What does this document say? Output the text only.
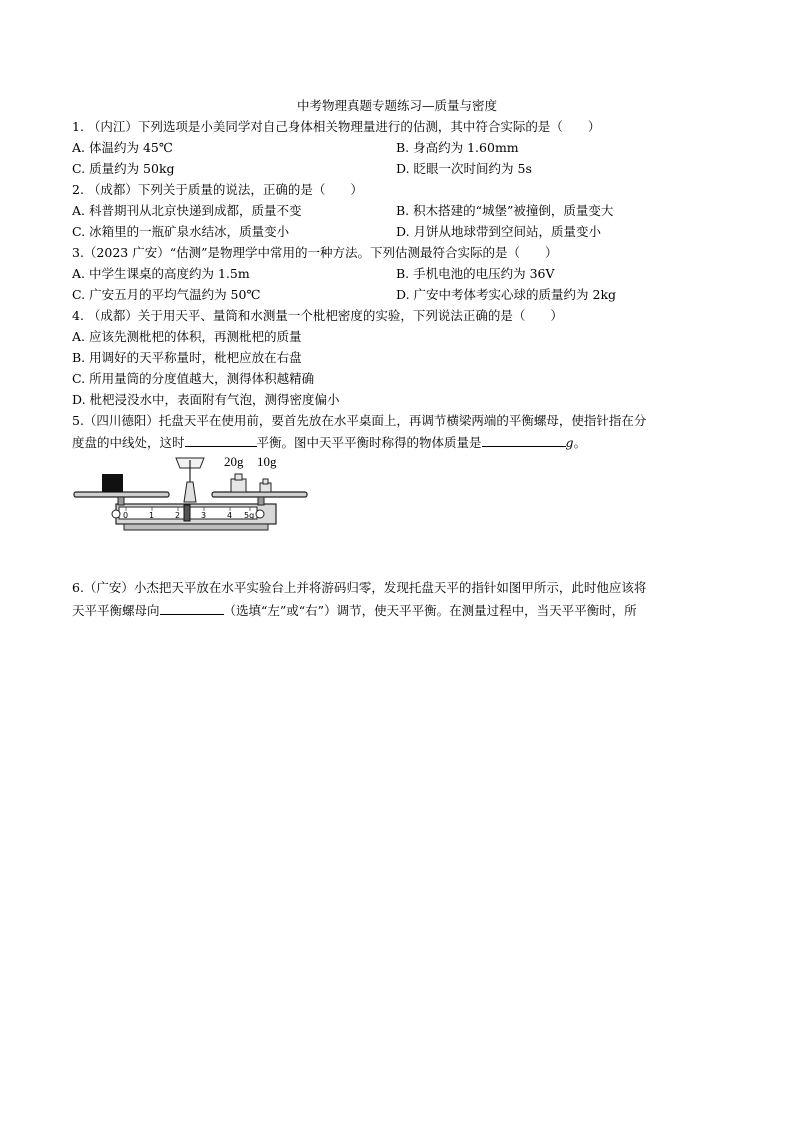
中考物理真题专题练习—质量与密度
1. （内江）下列选项是小美同学对自己身体相关物理量进行的估测，其中符合实际的是（　　）
A. 体温约为 45℃	B. 身高约为 1.60mm
C. 质量约为 50kg	D. 眨眼一次时间约为 5s
2. （成都）下列关于质量的说法，正确的是（　　）
A. 科普期刊从北京快递到成都，质量不变	B. 积木搭建的“城堡”被撞倒，质量变大
C. 冰箱里的一瓶矿泉水结冰，质量变小	D. 月饼从地球带到空间站，质量变小
3.（2023 广安）“估测”是物理学中常用的一种方法。下列估测最符合实际的是（　　）
A. 中学生课桌的高度约为 1.5m	B. 手机电池的电压约为 36V
C. 广安五月的平均气温约为 50℃	D. 广安中考体考实心球的质量约为 2kg
4. （成都）关于用天平、量筒和水测量一个枇杷密度的实验，下列说法正确的是（　　）
A. 应该先测枇杷的体积，再测枇杷的质量
B. 用调好的天平称量时，枇杷应放在右盘
C. 所用量筒的分度值越大，测得体积越精确
D. 枇杷浸没水中，表面附有气泡，测得密度偏小
5.（四川德阳）托盘天平在使用前，要首先放在水平桌面上，再调节横梁两端的平衡螺母，使指针指在分
度盘的中线处，这时	平衡。图中天平平衡时称得的物体质量是	g。
20g 10g
0	1	2	3	4 5g
6.（广安）小杰把天平放在水平实验台上并将游码归零，发现托盘天平的指针如图甲所示，此时他应该将
天平平衡螺母向	（选填“左”或“右”）调节，使天平平衡。在测量过程中，当天平平衡时，所
